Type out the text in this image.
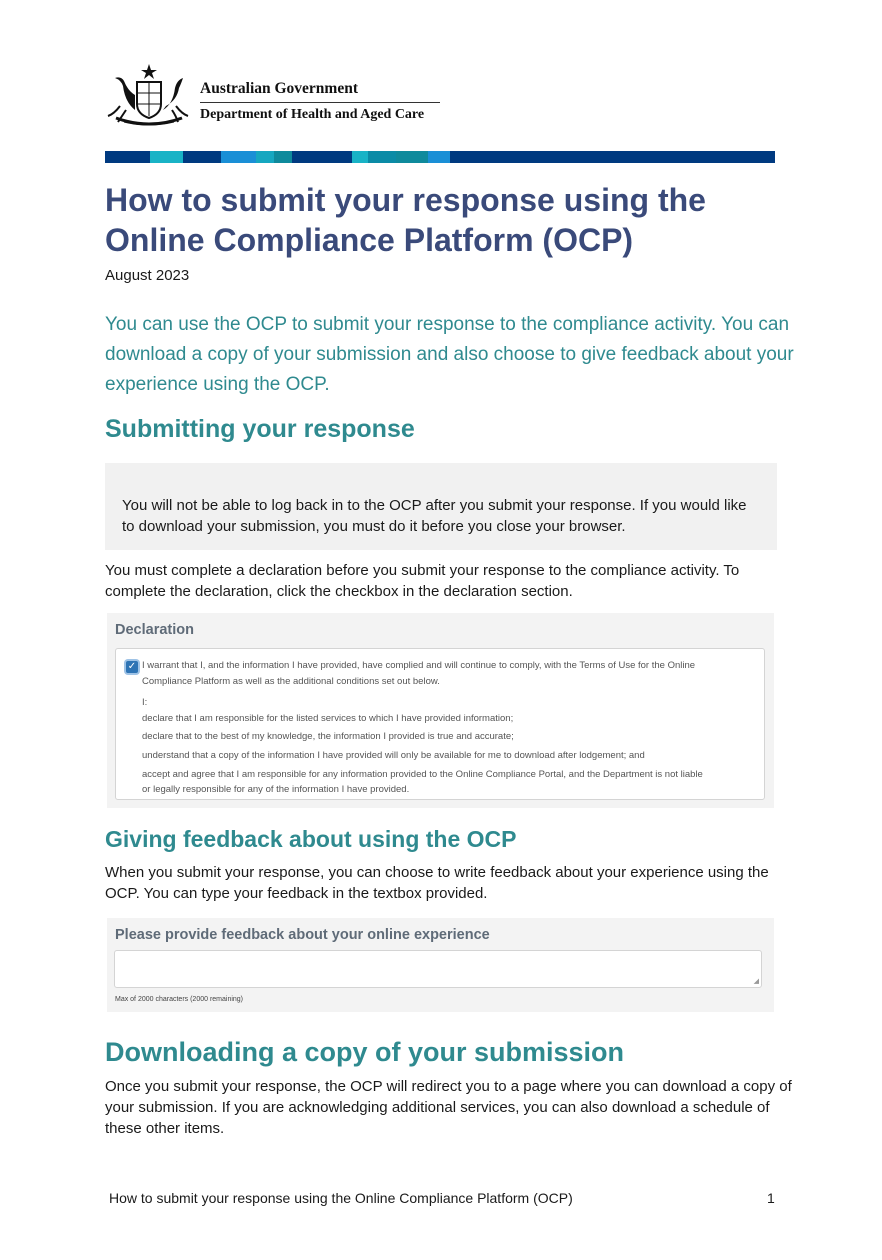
Australian Government
Department of Health and Aged Care
How to submit your response using the Online Compliance Platform (OCP)
August 2023
You can use the OCP to submit your response to the compliance activity. You can download a copy of your submission and also choose to give feedback about your experience using the OCP.
Submitting your response
You will not be able to log back in to the OCP after you submit your response. If you would like to download your submission, you must do it before you close your browser.
You must complete a declaration before you submit your response to the compliance activity. To complete the declaration, click the checkbox in the declaration section.
Declaration
✓ I warrant that I, and the information I have provided, have complied and will continue to comply, with the Terms of Use for the Online
Compliance Platform as well as the additional conditions set out below.
I:
declare that I am responsible for the listed services to which I have provided information;
declare that to the best of my knowledge, the information I provided is true and accurate;
understand that a copy of the information I have provided will only be available for me to download after lodgement; and
accept and agree that I am responsible for any information provided to the Online Compliance Portal, and the Department is not liable
or legally responsible for any of the information I have provided.
Giving feedback about using the OCP
When you submit your response, you can choose to write feedback about your experience using the OCP. You can type your feedback in the textbox provided.
Please provide feedback about your online experience
◢
Max of 2000 characters (2000 remaining)
Downloading a copy of your submission
Once you submit your response, the OCP will redirect you to a page where you can download a copy of your submission. If you are acknowledging additional services, you can also download a schedule of these other items.
How to submit your response using the Online Compliance Platform (OCP)	1
